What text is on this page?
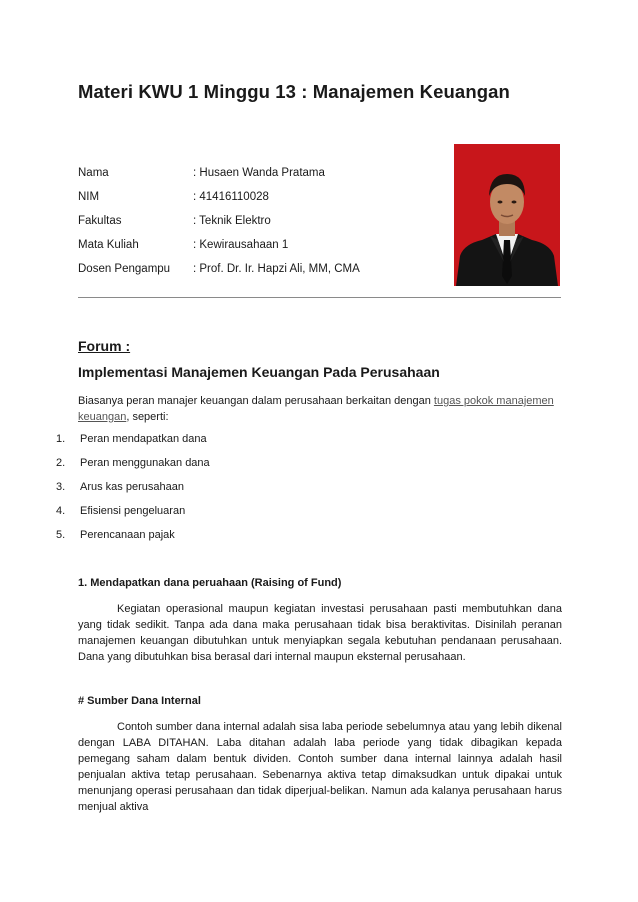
Materi KWU 1 Minggu 13 : Manajemen Keuangan
Nama	: Husaen Wanda Pratama
NIM	: 41416110028
Fakultas	: Teknik Elektro
Mata Kuliah	: Kewirausahaan 1
Dosen Pengampu : Prof. Dr. Ir. Hapzi Ali, MM, CMA
Forum :
Implementasi Manajemen Keuangan Pada Perusahaan
Biasanya peran manajer keuangan dalam perusahaan berkaitan dengan tugas pokok manajemen keuangan, seperti:
1. Peran mendapatkan dana
2. Peran menggunakan dana
3. Arus kas perusahaan
4. Efisiensi pengeluaran
5. Perencanaan pajak
1. Mendapatkan dana peruahaan (Raising of Fund)
Kegiatan operasional maupun kegiatan investasi perusahaan pasti membutuhkan dana yang tidak sedikit. Tanpa ada dana maka perusahaan tidak bisa beraktivitas. Disinilah peranan manajemen keuangan dibutuhkan untuk menyiapkan segala kebutuhan pendanaan perusahaan. Dana yang dibutuhkan bisa berasal dari internal maupun eksternal perusahaan.
# Sumber Dana Internal
Contoh sumber dana internal adalah sisa laba periode sebelumnya atau yang lebih dikenal dengan LABA DITAHAN. Laba ditahan adalah laba periode yang tidak dibagikan kepada pemegang saham dalam bentuk dividen. Contoh sumber dana internal lainnya adalah hasil penjualan aktiva tetap perusahaan. Sebenarnya aktiva tetap dimaksudkan untuk dipakai untuk menunjang operasi perusahaan dan tidak diperjual-belikan. Namun ada kalanya perusahaan harus menjual aktiva
